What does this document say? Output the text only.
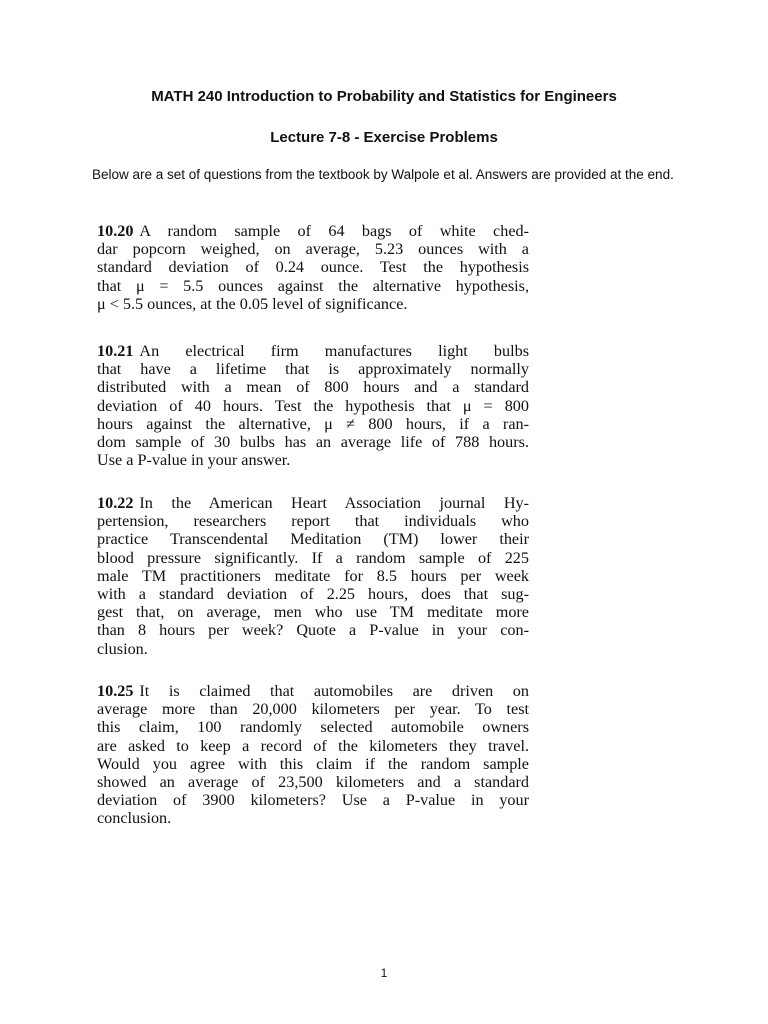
MATH 240 Introduction to Probability and Statistics for Engineers
Lecture 7-8 - Exercise Problems

Below are a set of questions from the textbook by Walpole et al. Answers are provided at the end.

10.20 A random sample of 64 bags of white ched-
dar popcorn weighed, on average, 5.23 ounces with a
standard deviation of 0.24 ounce. Test the hypothesis
that μ = 5.5 ounces against the alternative hypothesis,
μ < 5.5 ounces, at the 0.05 level of significance.
10.21 An electrical firm manufactures light bulbs
that have a lifetime that is approximately normally
distributed with a mean of 800 hours and a standard
deviation of 40 hours. Test the hypothesis that μ = 800
hours against the alternative, μ ≠ 800 hours, if a ran-
dom sample of 30 bulbs has an average life of 788 hours.
Use a P-value in your answer.
10.22 In the American Heart Association journal Hy-
pertension, researchers report that individuals who
practice Transcendental Meditation (TM) lower their
blood pressure significantly. If a random sample of 225
male TM practitioners meditate for 8.5 hours per week
with a standard deviation of 2.25 hours, does that sug-
gest that, on average, men who use TM meditate more
than 8 hours per week? Quote a P-value in your con-
clusion.
10.25 It is claimed that automobiles are driven on
average more than 20,000 kilometers per year. To test
this claim, 100 randomly selected automobile owners
are asked to keep a record of the kilometers they travel.
Would you agree with this claim if the random sample
showed an average of 23,500 kilometers and a standard
deviation of 3900 kilometers? Use a P-value in your
conclusion.

1
